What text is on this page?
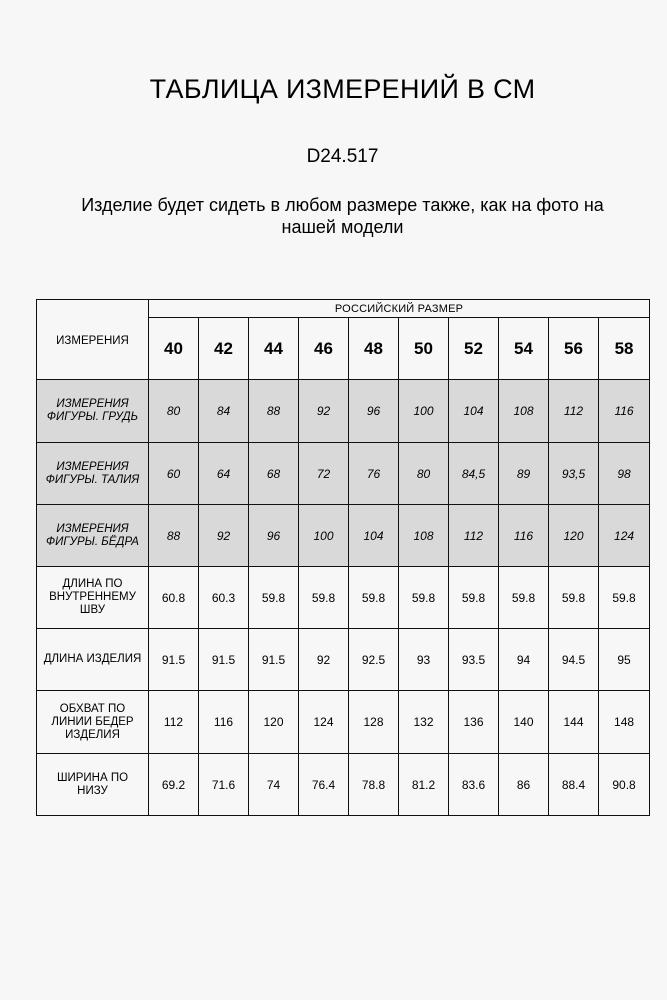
ТАБЛИЦА ИЗМЕРЕНИЙ В СМ
D24.517
Изделие будет сидеть в любом размере также, как на фото на нашей модели
ИЗМЕРЕНИЯ	РОССИЙСКИЙ РАЗМЕР									
	40	42	44	46	48	50	52	54	56	58

ИЗМЕРЕНИЯ
ФИГУРЫ. ГРУДЬ	80	84	88	92	96	100	104	108	112	116

ИЗМЕРЕНИЯ
ФИГУРЫ. ТАЛИЯ	60	64	68	72	76	80	84,5	89	93,5	98

ИЗМЕРЕНИЯ
ФИГУРЫ. БЁДРА	88	92	96	100	104	108	112	116	120	124

ДЛИНА ПО
ВНУТРЕННЕМУ
ШВУ	60.8	60.3	59.8	59.8	59.8	59.8	59.8	59.8	59.8	59.8

ДЛИНА ИЗДЕЛИЯ	91.5	91.5	91.5	92	92.5	93	93.5	94	94.5	95

ОБХВАТ ПО
ЛИНИИ БЕДЕР
ИЗДЕЛИЯ	112	116	120	124	128	132	136	140	144	148

ШИРИНА ПО
НИЗУ	69.2	71.6	74	76.4	78.8	81.2	83.6	86	88.4	90.8
